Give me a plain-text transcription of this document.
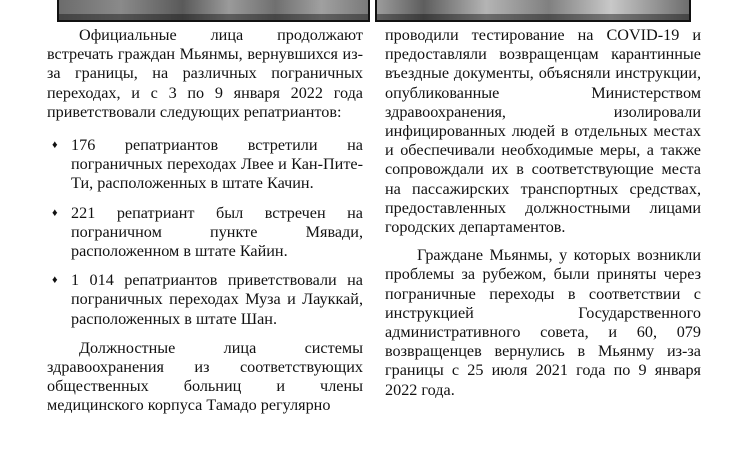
Официальные лица продолжают встречать граждан Мьянмы, вернувшихся из-за границы, на различных пограничных переходах, и с 3 по 9 января 2022 года приветствовали следующих репатриантов:

♦ 176 репатриантов встретили на пограничных переходах Лвее и Кан-Пите-Ти, расположенных в штате Качин.
♦ 221 репатриант был встречен на пограничном пункте Мявади, расположенном в штате Кайин.
♦ 1 014 репатриантов приветствовали на пограничных переходах Муза и Лауккай, расположенных в штате Шан.

Должностные лица системы здравоохранения из соответствующих общественных больниц и члены медицинского корпуса Тамадо регулярно

проводили тестирование на COVID-19 и предоставляли возвращенцам карантинные въездные документы, объясняли инструкции, опубликованные Министерством здравоохранения, изолировали инфицированных людей в отдельных местах и обеспечивали необходимые меры, а также сопровождали их в соответствующие места на пассажирских транспортных средствах, предоставленных должностными лицами городских департаментов.

Граждане Мьянмы, у которых возникли проблемы за рубежом, были приняты через пограничные переходы в соответствии с инструкцией Государственного административного совета, и 60, 079 возвращенцев вернулись в Мьянму из-за границы с 25 июля 2021 года по 9 января 2022 года.
